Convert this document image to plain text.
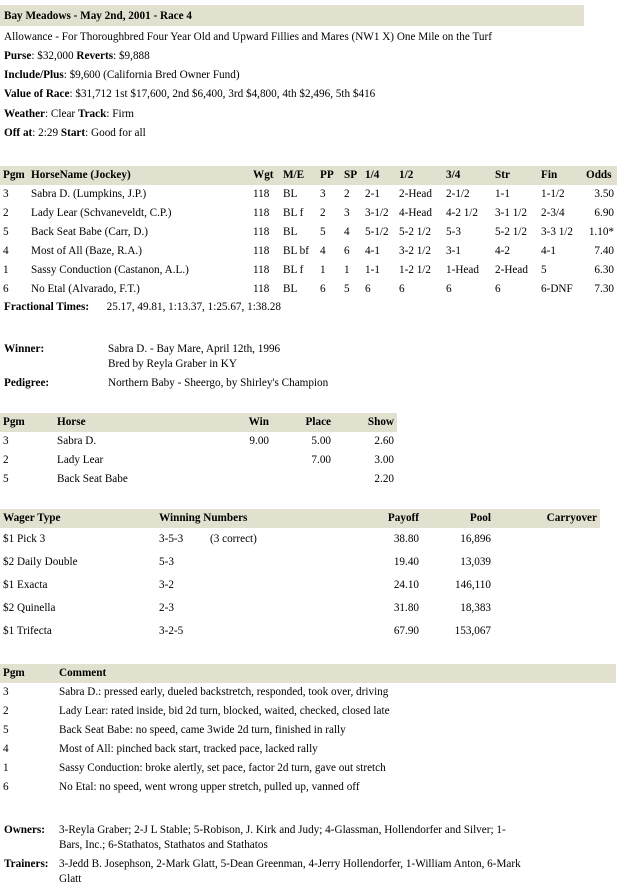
Bay Meadows - May 2nd, 2001 - Race 4
Allowance - For Thoroughbred Four Year Old and Upward Fillies and Mares (NW1 X) One Mile on the Turf
Purse: $32,000 Reverts: $9,888
Include/Plus: $9,600 (California Bred Owner Fund)
Value of Race: $31,712 1st $17,600, 2nd $6,400, 3rd $4,800, 4th $2,496, 5th $416
Weather: Clear Track: Firm
Off at: 2:29 Start: Good for all
Pgm	HorseName (Jockey)	Wgt	M/E	PP	SP	1/4	1/2	3/4	Str	Fin	Odds
3	Sabra D. (Lumpkins, J.P.)	118	BL	3	2	2-1	2-Head	2-1/2	1-1	1-1/2	3.50
2	Lady Lear (Schvaneveldt, C.P.)	118	BL f	2	3	3-1/2	4-Head	4-2 1/2	3-1 1/2	2-3/4	6.90
5	Back Seat Babe (Carr, D.)	118	BL	5	4	5-1/2	5-2 1/2	5-3	5-2 1/2	3-3 1/2	1.10*
4	Most of All (Baze, R.A.)	118	BL bf	4	6	4-1	3-2 1/2	3-1	4-2	4-1	7.40
1	Sassy Conduction (Castanon, A.L.)	118	BL f	1	1	1-1	1-2 1/2	1-Head	2-Head	5	6.30
6	No Etal (Alvarado, F.T.)	118	BL	6	5	6	6	6	6	6-DNF	7.30
Fractional Times: 25.17, 49.81, 1:13.37, 1:25.67, 1:38.28
Winner:	Sabra D. - Bay Mare, April 12th, 1996
Bred by Reyla Graber in KY
Pedigree:	Northern Baby - Sheergo, by Shirley's Champion
Pgm	Horse	Win	Place	Show
3	Sabra D.	9.00	5.00	2.60
2	Lady Lear		7.00	3.00
5	Back Seat Babe			2.20
Wager Type	Winning Numbers		Payoff	Pool	Carryover
$1 Pick 3	3-5-3	(3 correct)	38.80	16,896	
$2 Daily Double	5-3		19.40	13,039	
$1 Exacta	3-2		24.10	146,110	
$2 Quinella	2-3		31.80	18,383	
$1 Trifecta	3-2-5		67.90	153,067	
Pgm	Comment
3	Sabra D.: pressed early, dueled backstretch, responded, took over, driving
2	Lady Lear: rated inside, bid 2d turn, blocked, waited, checked, closed late
5	Back Seat Babe: no speed, came 3wide 2d turn, finished in rally
4	Most of All: pinched back start, tracked pace, lacked rally
1	Sassy Conduction: broke alertly, set pace, factor 2d turn, gave out stretch
6	No Etal: no speed, went wrong upper stretch, pulled up, vanned off
Owners: 3-Reyla Graber; 2-J L Stable; 5-Robison, J. Kirk and Judy; 4-Glassman, Hollendorfer and Silver; 1-
Bars, Inc.; 6-Stathatos, Stathatos and Stathatos
Trainers: 3-Jedd B. Josephson, 2-Mark Glatt, 5-Dean Greenman, 4-Jerry Hollendorfer, 1-William Anton, 6-Mark
Glatt
